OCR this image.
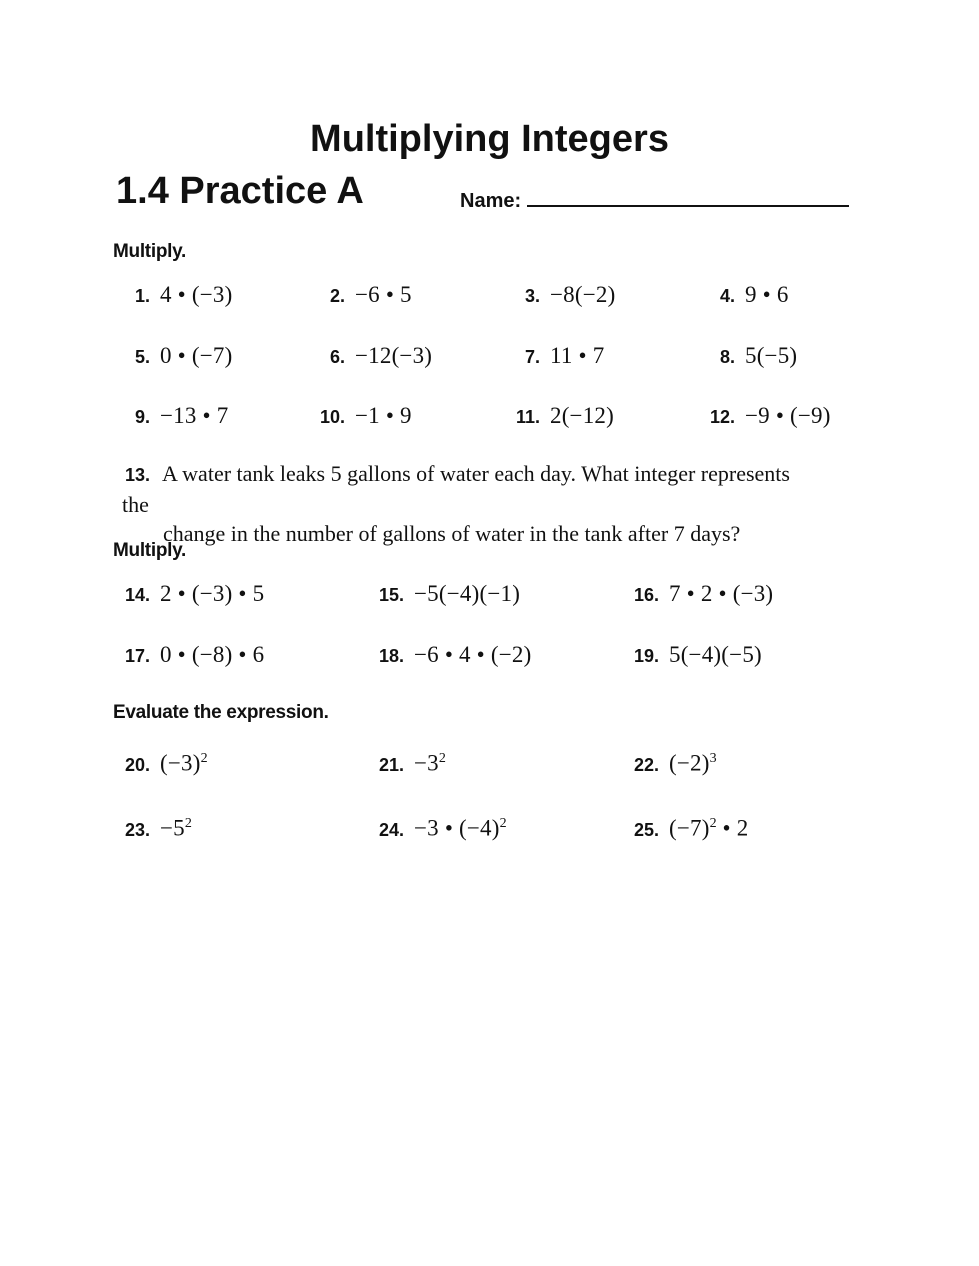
Multiplying Integers
1.4 Practice A	Name:
Multiply.
1. 4 • (−3)	2. −6 • 5	3. −8(−2)	4. 9 • 6
5. 0 • (−7)	6. −12(−3)	7. 11 • 7	8. 5(−5)
9. −13 • 7	10. −1 • 9	11. 2(−12)	12. −9 • (−9)
13. A water tank leaks 5 gallons of water each day. What integer represents the
change in the number of gallons of water in the tank after 7 days?
Multiply.
14. 2 • (−3) • 5	15. −5(−4)(−1)	16. 7 • 2 • (−3)
17. 0 • (−8) • 6	18. −6 • 4 • (−2)	19. 5(−4)(−5)
Evaluate the expression.
20. $(-3)^2$	21. $-3^2$	22. $(-2)^3$
23. $-5^2$	24. −3 • $(-4)^2$	25. $(-7)^2$ • 2
